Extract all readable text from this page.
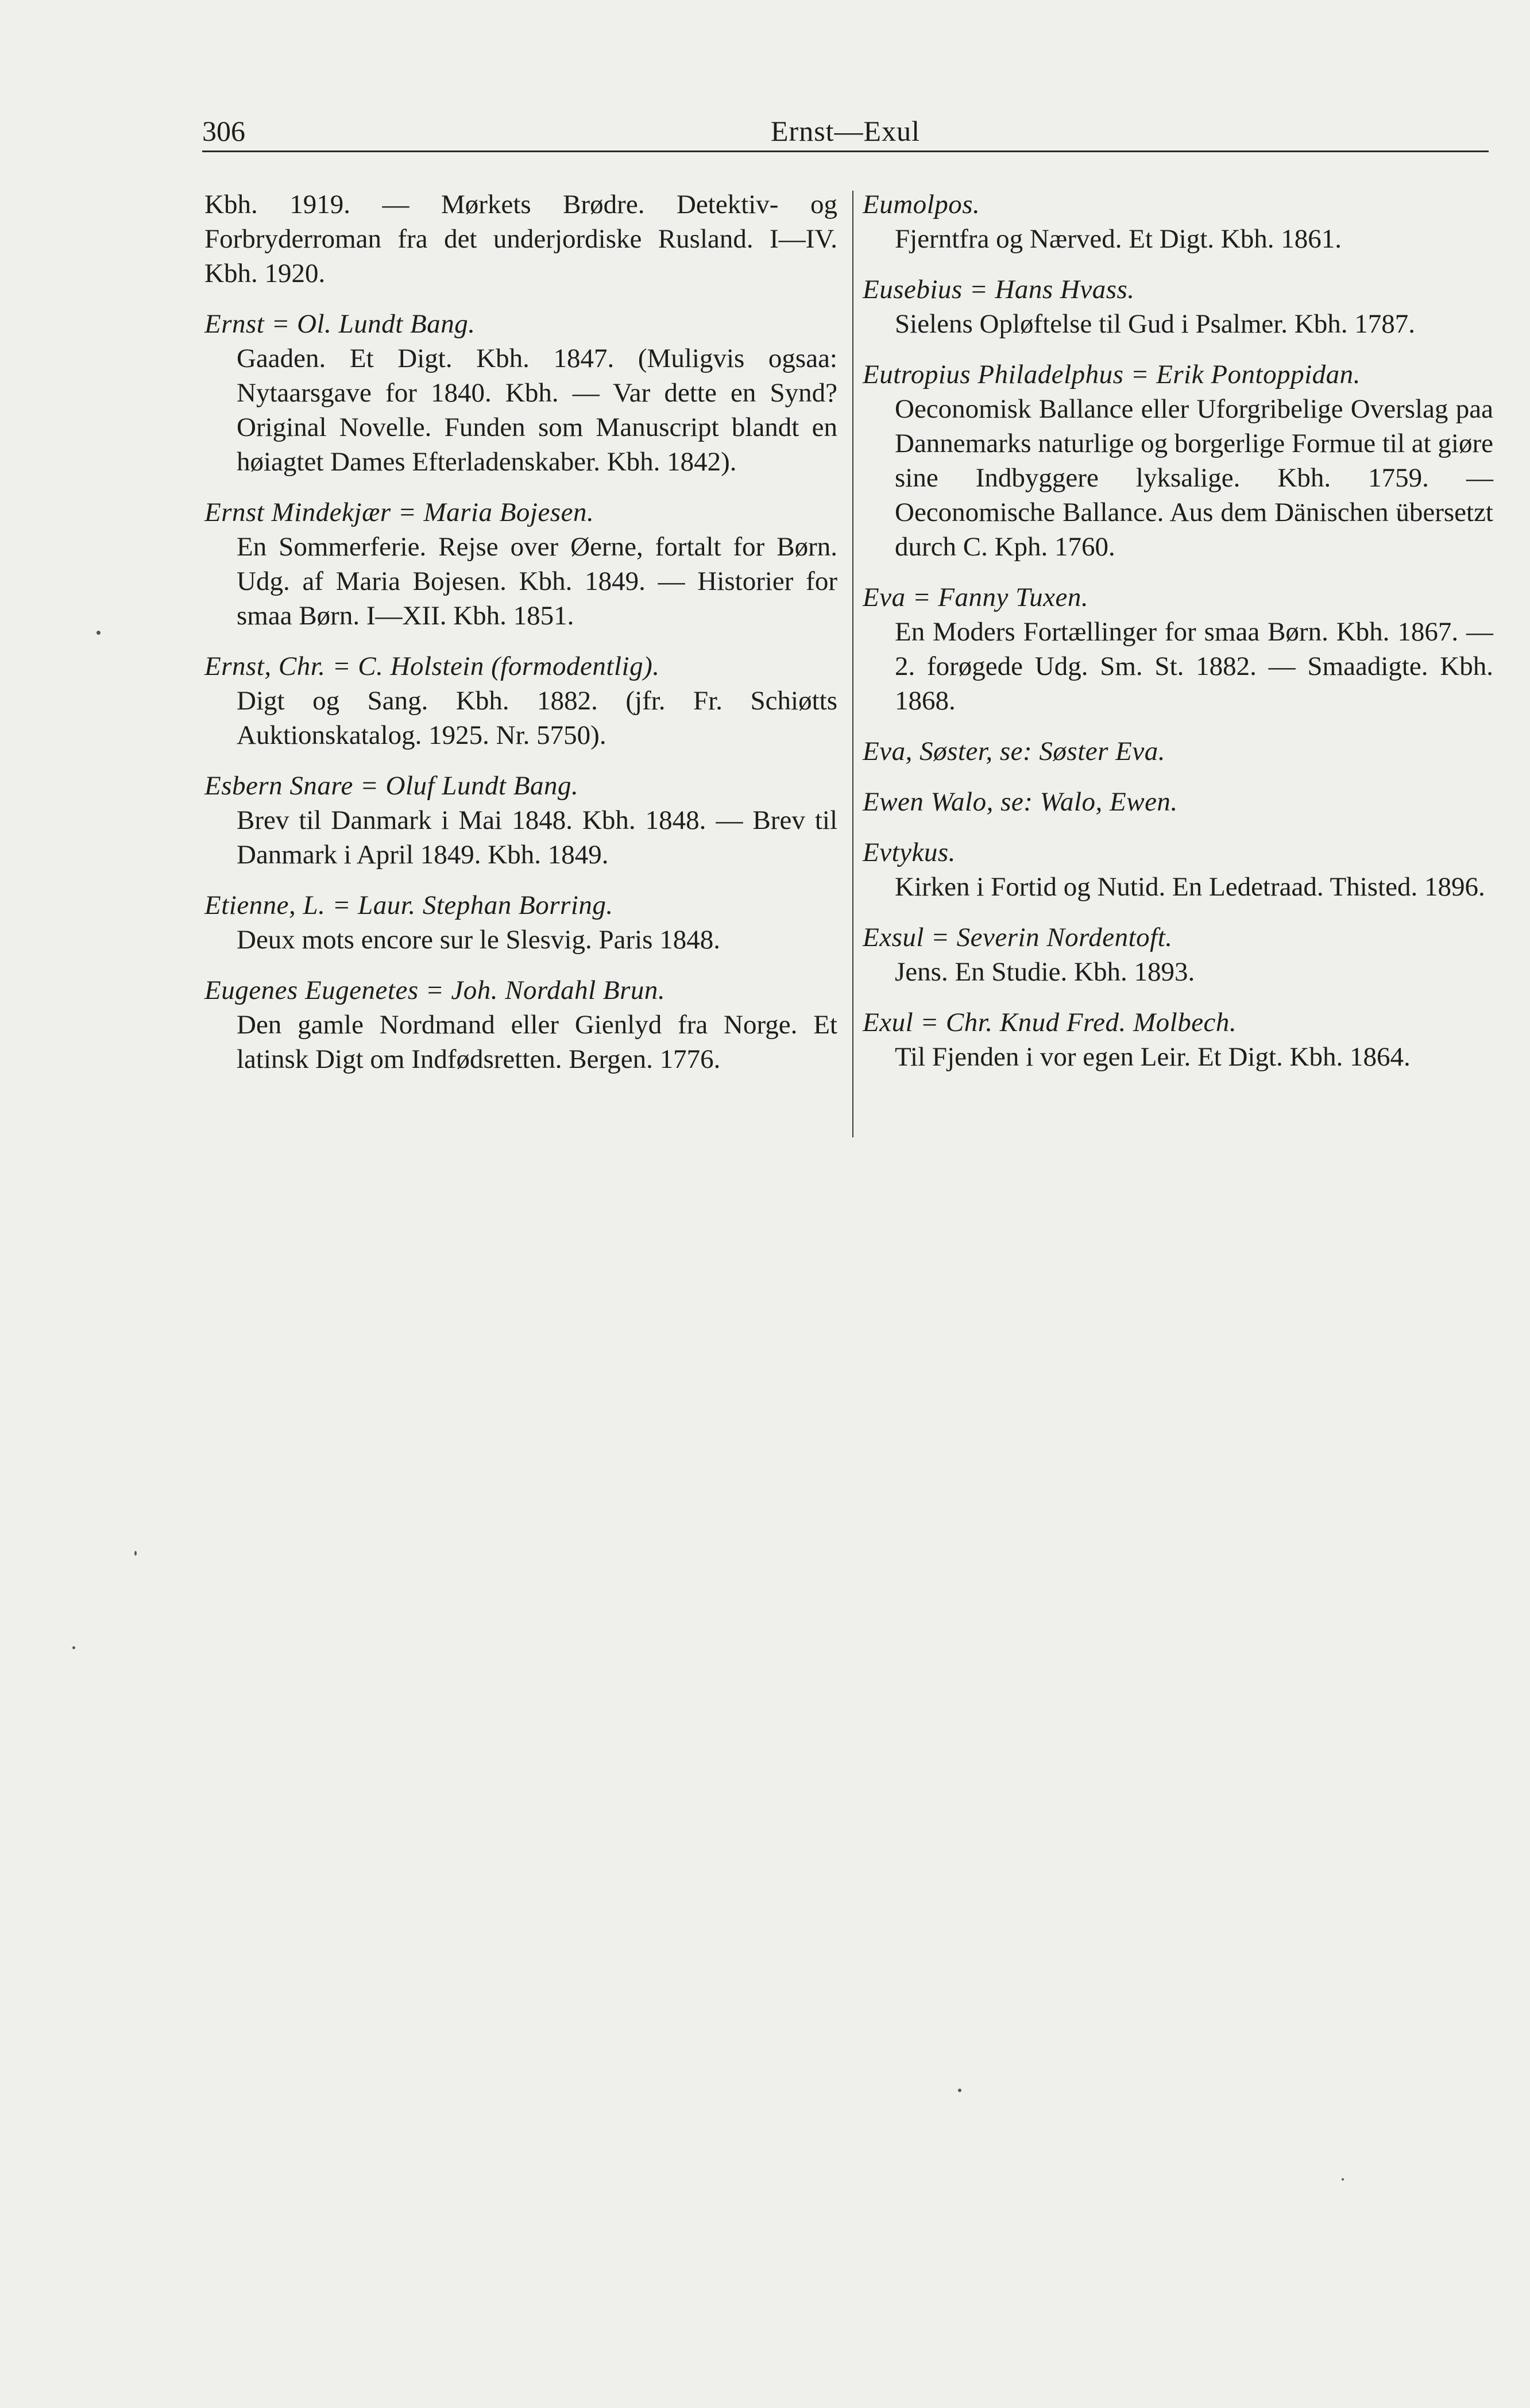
306	Ernst—Exul
Kbh. 1919. — Mørkets Brødre. Detektiv- og Forbryderroman fra det underjordiske Rusland. I—IV. Kbh. 1920.
Ernst = Ol. Lundt Bang.
Gaaden. Et Digt. Kbh. 1847. (Muligvis ogsaa: Nytaarsgave for 1840. Kbh. — Var dette en Synd? Original Novelle. Funden som Manuscript blandt en høiagtet Dames Efterladenskaber. Kbh. 1842).
Ernst Mindekjær = Maria Bojesen.
En Sommerferie. Rejse over Øerne, fortalt for Børn. Udg. af Maria Bojesen. Kbh. 1849. — Historier for smaa Børn. I—XII. Kbh. 1851.
Ernst, Chr. = C. Holstein (formodentlig).
Digt og Sang. Kbh. 1882. (jfr. Fr. Schiøtts Auktionskatalog. 1925. Nr. 5750).
Esbern Snare = Oluf Lundt Bang.
Brev til Danmark i Mai 1848. Kbh. 1848. — Brev til Danmark i April 1849. Kbh. 1849.
Etienne, L. = Laur. Stephan Borring.
Deux mots encore sur le Slesvig. Paris 1848.
Eugenes Eugenetes = Joh. Nordahl Brun.
Den gamle Nordmand eller Gienlyd fra Norge. Et latinsk Digt om Indfødsretten. Bergen. 1776.
Eumolpos.
Fjerntfra og Nærved. Et Digt. Kbh. 1861.
Eusebius = Hans Hvass.
Sielens Opløftelse til Gud i Psalmer. Kbh. 1787.
Eutropius Philadelphus = Erik Pontoppidan.
Oeconomisk Ballance eller Uforgribelige Overslag paa Dannemarks naturlige og borgerlige Formue til at giøre sine Indbyggere lyksalige. Kbh. 1759. — Oeconomische Ballance. Aus dem Dänischen übersetzt durch C. Kph. 1760.
Eva = Fanny Tuxen.
En Moders Fortællinger for smaa Børn. Kbh. 1867. — 2. forøgede Udg. Sm. St. 1882. — Smaadigte. Kbh. 1868.
Eva, Søster, se: Søster Eva.
Ewen Walo, se: Walo, Ewen.
Evtykus.
Kirken i Fortid og Nutid. En Ledetraad. Thisted. 1896.
Exsul = Severin Nordentoft.
Jens. En Studie. Kbh. 1893.
Exul = Chr. Knud Fred. Molbech.
Til Fjenden i vor egen Leir. Et Digt. Kbh. 1864.
